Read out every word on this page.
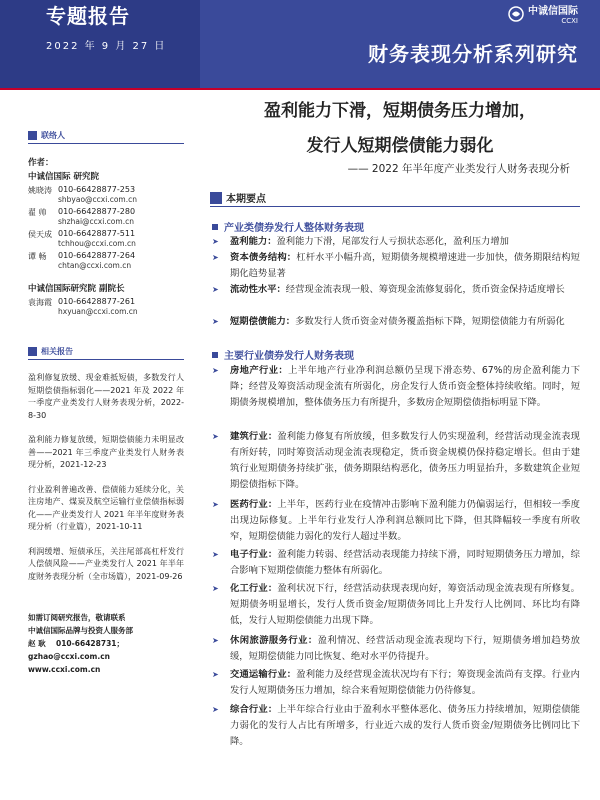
专题报告
2022 年 9 月 27 日
中诚信国际
CCXI
财务表现分析系列研究
联络人
作者：
中诚信国际 研究院
姚晓涛 010-66428877-253
shbyao@ccxi.com.cn
翟 帅	010-66428877-280
shzhai@ccxi.com.cn
侯天成 010-66428877-511
tchhou@ccxi.com.cn
谭 畅	010-66428877-264
chtan@ccxi.com.cn
中诚信国际研究院 副院长
袁海霞 010-66428877-261
hxyuan@ccxi.com.cn
相关报告
盈利修复放缓、现金难抵短债，多数发行人短期偿债指标弱化——2021 年及 2022 年一季度产业类发行人财务表现分析，2022-8-30
盈利能力修复放缓，短期偿债能力未明显改善——2021 年三季度产业类发行人财务表现分析，2021-12-23
行业盈利普遍改善、偿债能力延续分化，关注房地产、煤炭及航空运输行业偿债指标弱化——产业类发行人 2021 年半年度财务表现分析（行业篇），2021-10-11
利润缓增、短债承压，关注尾部高杠杆发行人偿债风险——产业类发行人 2021 年半年度财务表现分析（全市场篇），2021-09-26
如需订阅研究报告，敬请联系
中诚信国际品牌与投资人服务部
赵 耿	010-66428731；
gzhao@ccxi.com.cn
www.ccxi.com.cn
盈利能力下滑，短期债务压力增加，
发行人短期偿债能力弱化
—— 2022 年半年度产业类发行人财务表现分析
本期要点
产业类债券发行人整体财务表现
➤	盈利能力：盈利能力下滑，尾部发行人亏损状态恶化，盈利压力增加
➤	资本债务结构：杠杆水平小幅升高，短期债务规模增速进一步加快，债务期限结构短期化趋势显著
➤	流动性水平：经营现金流表现一般、筹资现金流修复弱化，货币资金保持适度增长
➤	短期偿债能力：多数发行人货币资金对债务覆盖指标下降，短期偿债能力有所弱化
主要行业债券发行人财务表现
➤	房地产行业：上半年地产行业净利润总额仍呈现下滑态势、67%的房企盈利能力下降；经营及筹资活动现金流有所弱化，房企发行人货币资金整体持续收缩。同时，短期债务规模增加，整体债务压力有所提升，多数房企短期偿债指标明显下降。
➤	建筑行业：盈利能力修复有所放缓，但多数发行人仍实现盈利，经营活动现金流表现有所好转，同时筹资活动现金流表现稳定，货币资金规模仍保持稳定增长。但由于建筑行业短期债务持续扩张，债务期限结构恶化，债务压力明显抬升，多数建筑企业短期偿债指标下降。
➤	医药行业：上半年，医药行业在疫情冲击影响下盈利能力仍偏弱运行，但相较一季度出现边际修复。上半年行业发行人净利润总额同比下降，但其降幅较一季度有所收窄，短期偿债能力弱化的发行人超过半数。
➤	电子行业：盈利能力转弱、经营活动表现能力持续下滑，同时短期债务压力增加，综合影响下短期偿债能力整体有所弱化。
➤	化工行业：盈利状况下行，经营活动获现表现向好，筹资活动现金流表现有所修复。短期债务明显增长，发行人货币资金/短期债务同比上升发行人比例同、环比均有降低，发行人短期偿债能力出现下降。
➤	休闲旅游服务行业：盈利情况、经营活动现金流表现均下行，短期债务增加趋势放缓，短期偿债能力同比恢复、绝对水平仍待提升。
➤	交通运输行业：盈利能力及经营现金流状况均有下行；筹资现金流尚有支撑。行业内发行人短期债务压力增加，综合来看短期偿债能力仍待修复。
➤	综合行业：上半年综合行业由于盈利水平整体恶化、债务压力持续增加，短期偿债能力弱化的发行人占比有所增多，行业近六成的发行人货币资金/短期债务比例同比下降。
